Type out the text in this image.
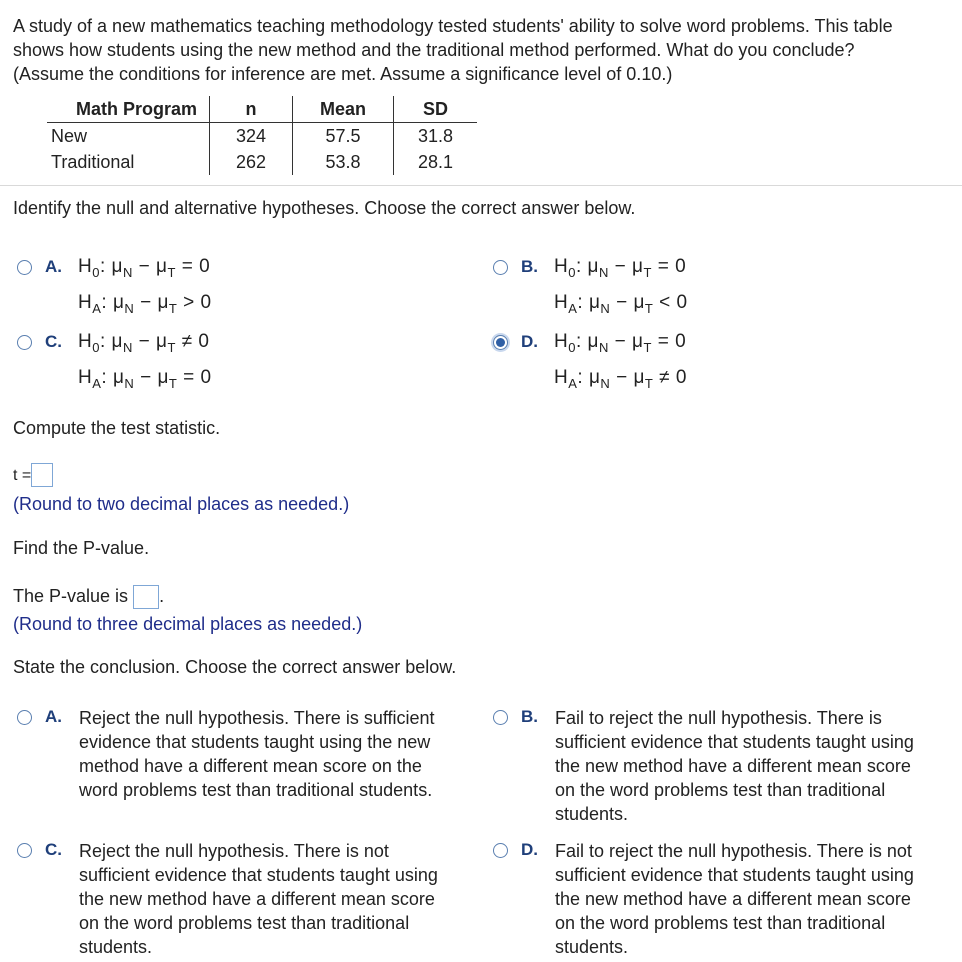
A study of a new mathematics teaching methodology tested students' ability to solve word problems. This table
shows how students using the new method and the traditional method performed. What do you conclude?
(Assume the conditions for inference are met. Assume a significance level of 0.10.)
Math Program	n	Mean	SD
New	324	57.5	31.8
Traditional	262	53.8	28.1
Identify the null and alternative hypotheses. Choose the correct answer below.
A. $H_0$: $\mu_N - \mu_T = 0$
$H_A$: $\mu_N - \mu_T > 0$
B. $H_0$: $\mu_N - \mu_T = 0$
$H_A$: $\mu_N - \mu_T < 0$
C. $H_0$: $\mu_N - \mu_T \ne 0$
$H_A$: $\mu_N - \mu_T = 0$
D. $H_0$: $\mu_N - \mu_T = 0$
$H_A$: $\mu_N - \mu_T \ne 0$
Compute the test statistic.
t =
(Round to two decimal places as needed.)
Find the P-value.
The P-value is .
(Round to three decimal places as needed.)
State the conclusion. Choose the correct answer below.
A. Reject the null hypothesis. There is sufficient
evidence that students taught using the new
method have a different mean score on the
word problems test than traditional students.
B. Fail to reject the null hypothesis. There is
sufficient evidence that students taught using
the new method have a different mean score
on the word problems test than traditional
students.
C. Reject the null hypothesis. There is not
sufficient evidence that students taught using
the new method have a different mean score
on the word problems test than traditional
students.
D. Fail to reject the null hypothesis. There is not
sufficient evidence that students taught using
the new method have a different mean score
on the word problems test than traditional
students.
